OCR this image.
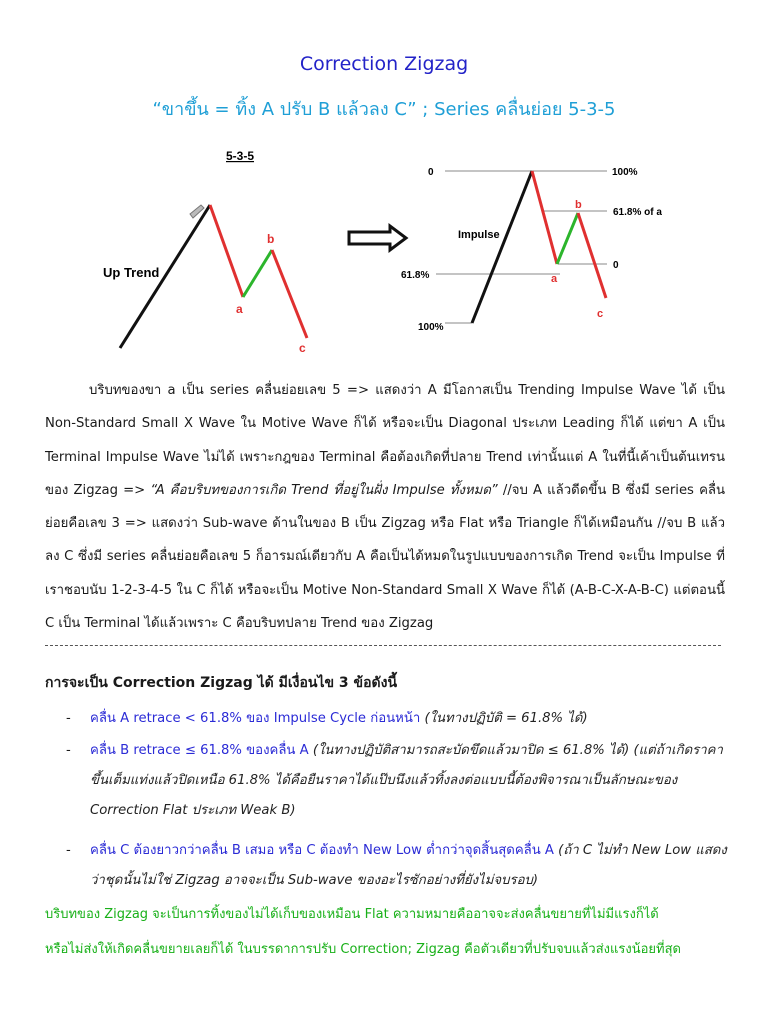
Correction Zigzag
“ขาขึ้น = ทิ้ง A ปรับ B แล้วลง C” ; Series คลื่นย่อย 5-3-5
5-3-5
Up Trend
a
b
c
0	100%
61.8% of a
0
61.8%
100%
Impulse
a
b
c

บริบทของขา a เป็น series คลื่นย่อยเลข 5 => แสดงว่า A มีโอกาสเป็น Trending Impulse Wave ได้ เป็น Non-Standard Small X Wave ใน Motive Wave ก็ได้ หรือจะเป็น Diagonal ประเภท Leading ก็ได้ แต่ขา A เป็น Terminal Impulse Wave ไม่ได้ เพราะกฎของ Terminal คือต้องเกิดที่ปลาย Trend เท่านั้นแต่ A ในที่นี้เค้าเป็นต้นเทรนของ Zigzag => “A คือบริบทของการเกิด Trend ที่อยู่ในฝั่ง Impulse ทั้งหมด” //จบ A แล้วดีดขึ้น B ซึ่งมี series คลื่นย่อยคือเลข 3 => แสดงว่า Sub-wave ด้านในของ B เป็น Zigzag หรือ Flat หรือ Triangle ก็ได้เหมือนกัน //จบ B แล้วลง C ซึ่งมี series คลื่นย่อยคือเลข 5 ก็อารมณ์เดียวกับ A คือเป็นได้หมดในรูปแบบของการเกิด Trend จะเป็น Impulse ที่เราชอบนับ 1-2-3-4-5 ใน C ก็ได้ หรือจะเป็น Motive Non-Standard Small X Wave ก็ได้ (A-B-C-X-A-B-C) แต่ตอนนี้ C เป็น Terminal ได้แล้วเพราะ C คือบริบทปลาย Trend ของ Zigzag

การจะเป็น Correction Zigzag ได้ มีเงื่อนไข 3 ข้อดังนี้
- คลื่น A retrace < 61.8% ของ Impulse Cycle ก่อนหน้า (ในทางปฏิบัติ = 61.8% ได้)
- คลื่น B retrace ≤ 61.8% ของคลื่น A (ในทางปฏิบัติสามารถสะบัดขึดแล้วมาปิด ≤ 61.8% ได้) (แต่ถ้าเกิดราคาขึ้นเต็มแท่งแล้วปิดเหนือ 61.8% ได้คือยืนราคาได้แป๊บนึงแล้วทิ้งลงต่อแบบนี้ต้องพิจารณาเป็นลักษณะของ Correction Flat ประเภท Weak B)
- คลื่น C ต้องยาวกว่าคลื่น B เสมอ หรือ C ต้องทำ New Low ต่ำกว่าจุดสิ้นสุดคลื่น A (ถ้า C ไม่ทำ New Low แสดงว่าชุดนั้นไม่ใช่ Zigzag อาจจะเป็น Sub-wave ของอะไรซักอย่างที่ยังไม่จบรอบ)
บริบทของ Zigzag จะเป็นการทิ้งของไม่ได้เก็บของเหมือน Flat ความหมายคืออาจจะส่งคลื่นขยายที่ไม่มีแรงก็ได้
หรือไม่ส่งให้เกิดคลื่นขยายเลยก็ได้ ในบรรดาการปรับ Correction; Zigzag คือตัวเดียวที่ปรับจบแล้วส่งแรงน้อยที่สุด
